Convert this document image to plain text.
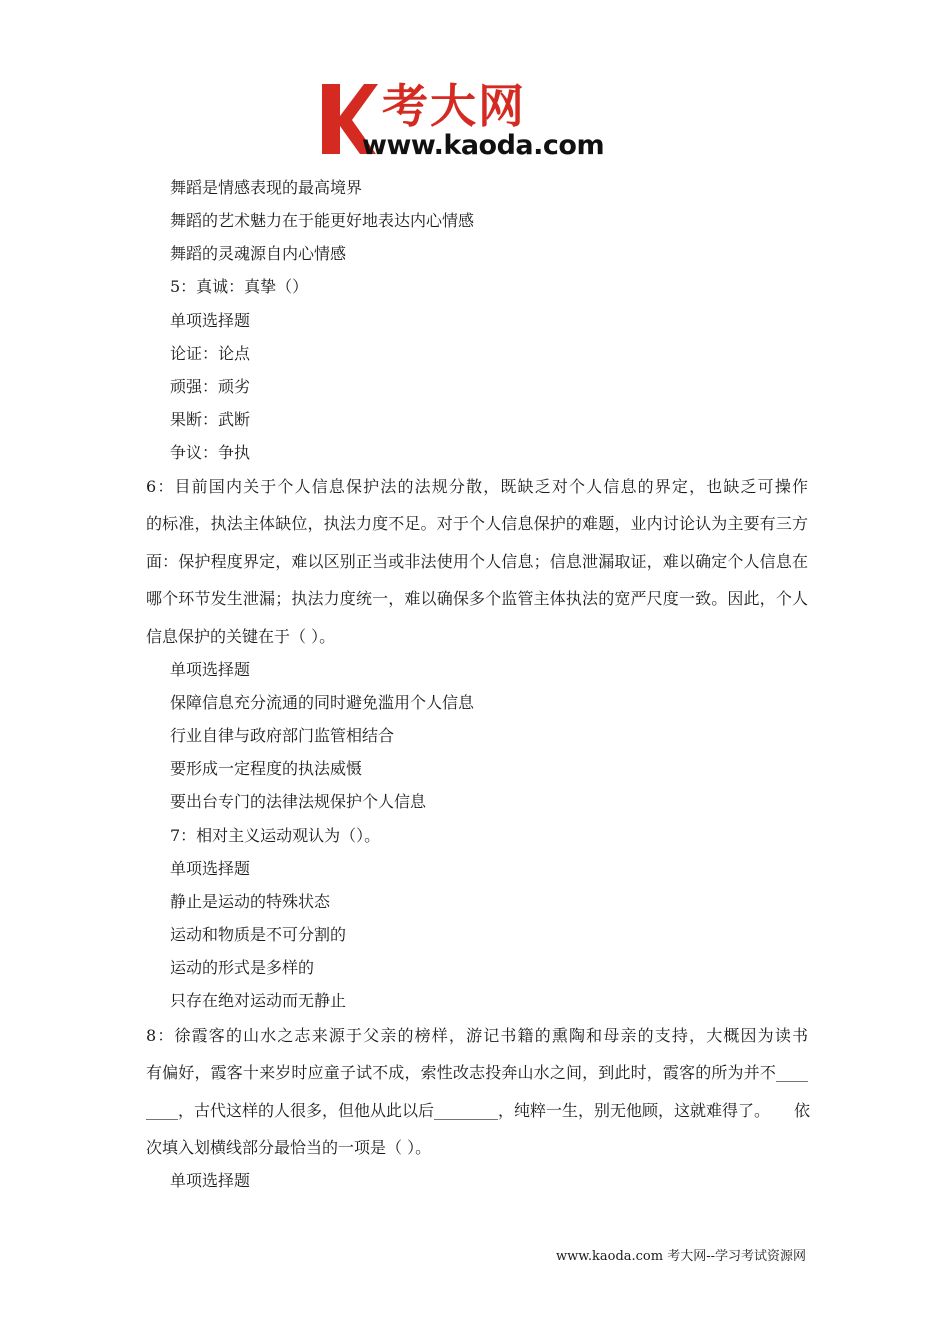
考大网
www.kaoda.com
舞蹈是情感表现的最高境界
舞蹈的艺术魅力在于能更好地表达内心情感
舞蹈的灵魂源自内心情感
5：真诚：真挚（）
单项选择题
论证：论点
顽强：顽劣
果断：武断
争议：争执
6：目前国内关于个人信息保护法的法规分散，既缺乏对个人信息的界定，也缺乏可操作
的标准，执法主体缺位，执法力度不足。对于个人信息保护的难题，业内讨论认为主要有三方
面：保护程度界定，难以区别正当或非法使用个人信息；信息泄漏取证，难以确定个人信息在
哪个环节发生泄漏；执法力度统一，难以确保多个监管主体执法的宽严尺度一致。因此，个人
信息保护的关键在于（ ）。
单项选择题
保障信息充分流通的同时避免滥用个人信息
行业自律与政府部门监管相结合
要形成一定程度的执法威慑
要出台专门的法律法规保护个人信息
7：相对主义运动观认为（）。
单项选择题
静止是运动的特殊状态
运动和物质是不可分割的
运动的形式是多样的
只存在绝对运动而无静止
8：徐霞客的山水之志来源于父亲的榜样，游记书籍的熏陶和母亲的支持，大概因为读书
有偏好，霞客十来岁时应童子试不成，索性改志投奔山水之间，到此时，霞客的所为并不____
____，古代这样的人很多，但他从此以后________，纯粹一生，别无他顾，这就难得了。　　依
次填入划横线部分最恰当的一项是（ ）。
单项选择题
www.kaoda.com 考大网--学习考试资源网
